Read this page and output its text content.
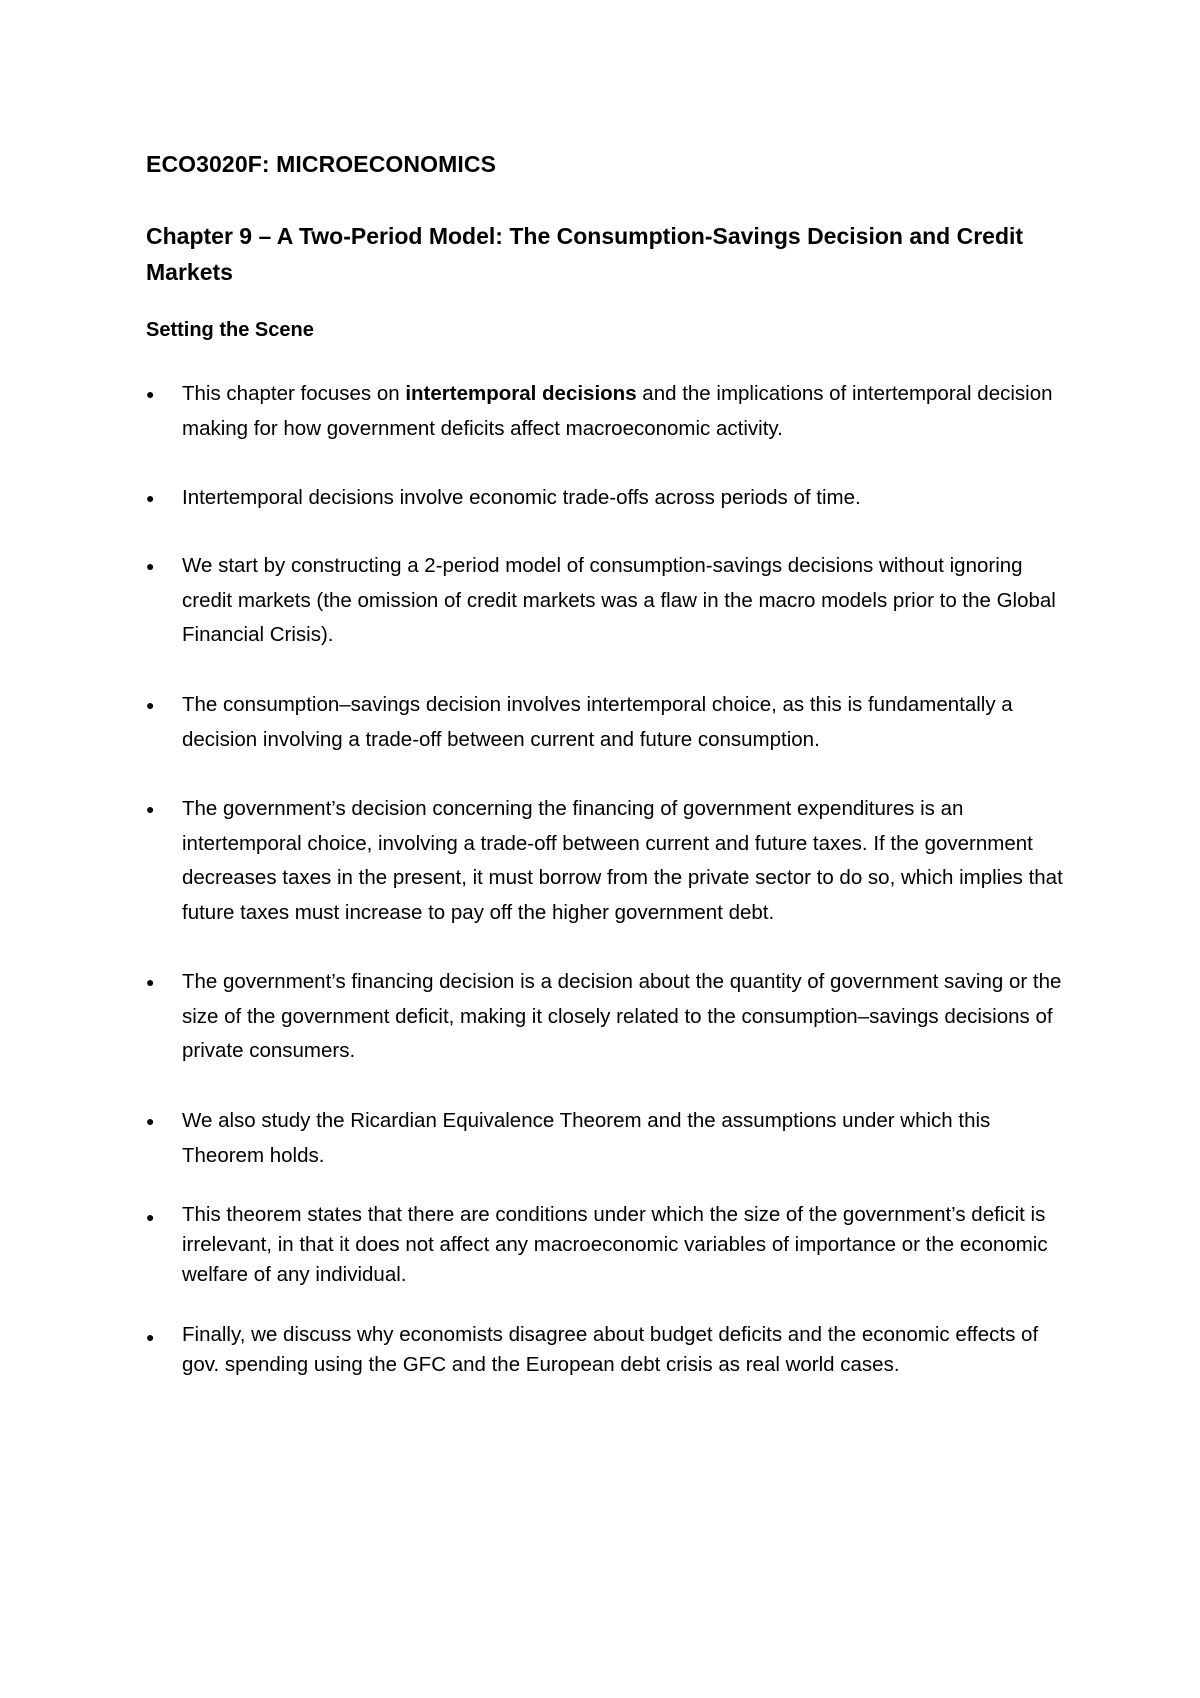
ECO3020F: MICROECONOMICS
Chapter 9 – A Two-Period Model: The Consumption-Savings Decision and Credit Markets
Setting the Scene
●	This chapter focuses on intertemporal decisions and the implications of intertemporal decision making for how government deficits affect macroeconomic activity.
●	Intertemporal decisions involve economic trade-offs across periods of time.
●	We start by constructing a 2-period model of consumption-savings decisions without ignoring credit markets (the omission of credit markets was a flaw in the macro models prior to the Global Financial Crisis).
●	The consumption–savings decision involves intertemporal choice, as this is fundamentally a decision involving a trade-off between current and future consumption.
●	The government’s decision concerning the financing of government expenditures is an intertemporal choice, involving a trade-off between current and future taxes. If the government decreases taxes in the present, it must borrow from the private sector to do so, which implies that future taxes must increase to pay off the higher government debt.
●	The government’s financing decision is a decision about the quantity of government saving or the size of the government deficit, making it closely related to the consumption–savings decisions of private consumers.
●	We also study the Ricardian Equivalence Theorem and the assumptions under which this Theorem holds.
●	This theorem states that there are conditions under which the size of the government’s deficit is irrelevant, in that it does not affect any macroeconomic variables of importance or the economic welfare of any individual.
●	Finally, we discuss why economists disagree about budget deficits and the economic effects of gov. spending using the GFC and the European debt crisis as real world cases.
